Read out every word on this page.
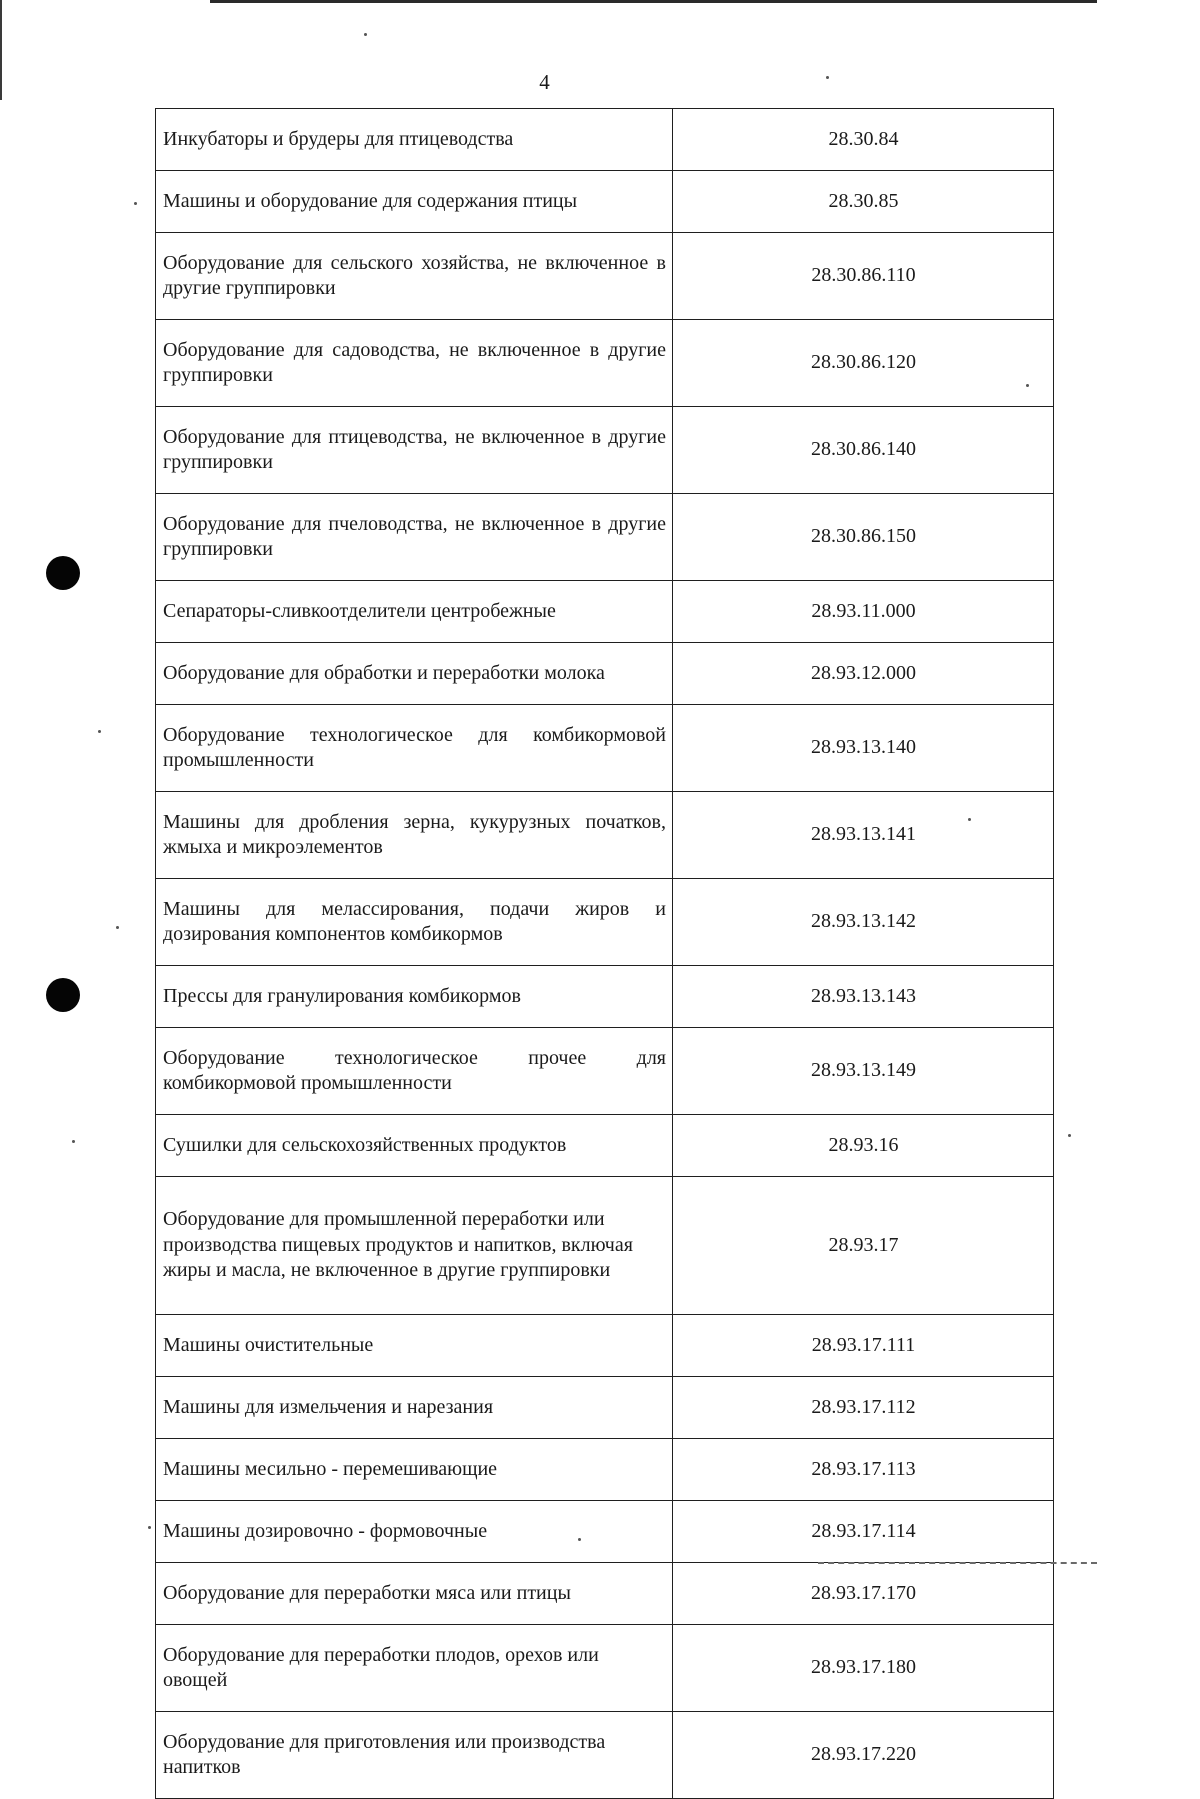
4
Инкубаторы и брудеры для птицеводства	28.30.84
Машины и оборудование для содержания птицы	28.30.85
Оборудование для сельского хозяйства, не включенное в другие группировки	28.30.86.110
Оборудование для садоводства, не включенное в другие группировки	28.30.86.120
Оборудование для птицеводства, не включенное в другие группировки	28.30.86.140
Оборудование для пчеловодства, не включенное в другие группировки	28.30.86.150
Сепараторы-сливкоотделители центробежные	28.93.11.000
Оборудование для обработки и переработки молока	28.93.12.000
Оборудование технологическое для комбикормовой промышленности	28.93.13.140
Машины для дробления зерна, кукурузных початков, жмыха и микроэлементов	28.93.13.141
Машины для мелассирования, подачи жиров и дозирования компонентов комбикормов	28.93.13.142
Прессы для гранулирования комбикормов	28.93.13.143
Оборудование технологическое прочее для комбикормовой промышленности	28.93.13.149
Сушилки для сельскохозяйственных продуктов	28.93.16
Оборудование для промышленной переработки или производства пищевых продуктов и напитков, включая жиры и масла, не включенное в другие группировки	28.93.17
Машины очистительные	28.93.17.111
Машины для измельчения и нарезания	28.93.17.112
Машины месильно - перемешивающие	28.93.17.113
Машины дозировочно - формовочные	28.93.17.114
Оборудование для переработки мяса или птицы	28.93.17.170
Оборудование для переработки плодов, орехов или овощей	28.93.17.180
Оборудование для приготовления или производства напитков	28.93.17.220
